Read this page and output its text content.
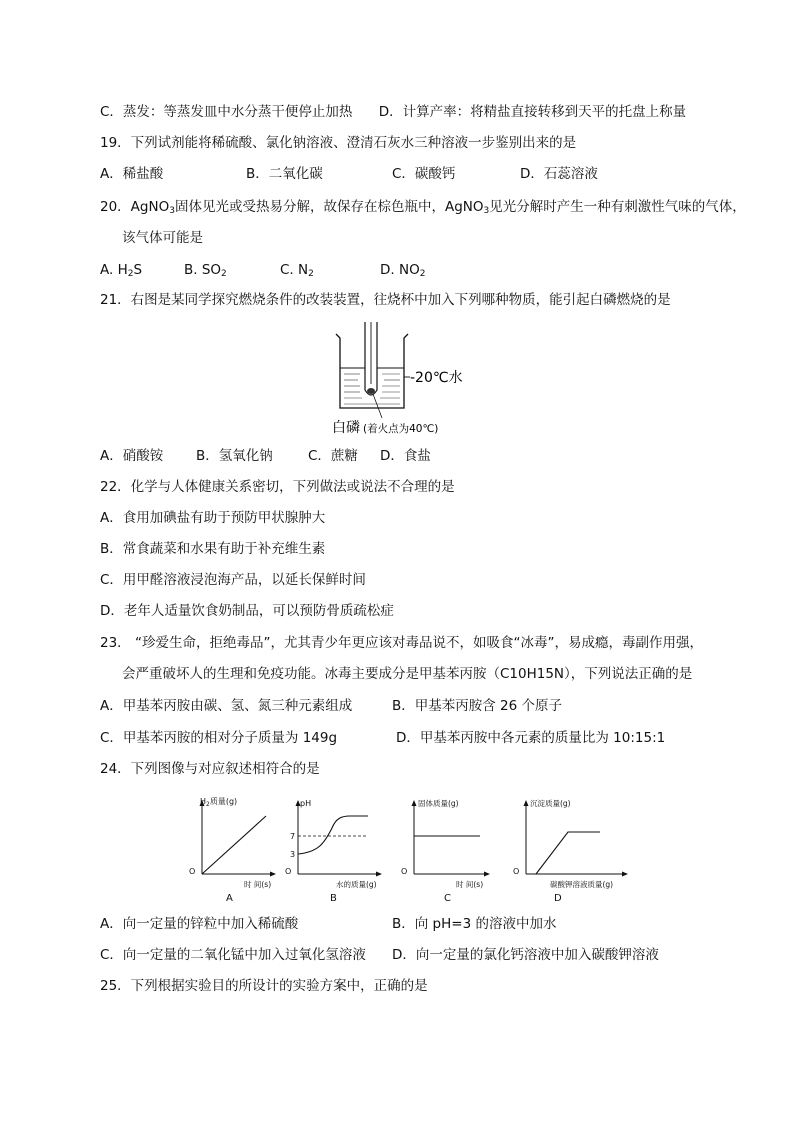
C．蒸发：等蒸发皿中水分蒸干便停止加热 D．计算产率：将精盐直接转移到天平的托盘上称量
19．下列试剂能将稀硫酸、氯化钠溶液、澄清石灰水三种溶液一步鉴别出来的是
A．稀盐酸	B．二氧化碳	C．碳酸钙	D．石蕊溶液
20．AgNO$_3$固体见光或受热易分解，故保存在棕色瓶中，AgNO$_3$见光分解时产生一种有刺激性气味的气体，
该气体可能是
A. $H_2S$	B. $SO_2$	C. $N_2$	D. $NO_2$
21．右图是某同学探究燃烧条件的改装装置，往烧杯中加入下列哪种物质，能引起白磷燃烧的是
-20℃水
白磷 (着火点为40℃)
A．硝酸铵 B．氢氧化钠	C．蔗糖 D．食盐
22．化学与人体健康关系密切，下列做法或说法不合理的是
A．食用加碘盐有助于预防甲状腺肿大
B．常食蔬菜和水果有助于补充维生素
C．用甲醛溶液浸泡海产品，以延长保鲜时间
D．老年人适量饮食奶制品，可以预防骨质疏松症
23． “珍爱生命，拒绝毒品”，尤其青少年更应该对毒品说不，如吸食“冰毒”，易成瘾，毒副作用强，
会严重破坏人的生理和免疫功能。冰毒主要成分是甲基苯丙胺（C10H15N），下列说法正确的是
A．甲基苯丙胺由碳、氢、氮三种元素组成	B．甲基苯丙胺含 26 个原子
C．甲基苯丙胺的相对分子质量为 149g	D．甲基苯丙胺中各元素的质量比为 10:15:1
24．下列图像与对应叙述相符合的是
$H_2$质量(g)
O
时 间(s)
A
pH
7
3
O
水的质量(g)
B
固体质量(g)
O
时 间(s)
C
沉淀质量(g)
O
碳酸钾溶液质量(g)
D
A．向一定量的锌粒中加入稀硫酸	B．向 pH=3 的溶液中加水
C．向一定量的二氧化锰中加入过氧化氢溶液 D．向一定量的氯化钙溶液中加入碳酸钾溶液
25．下列根据实验目的所设计的实验方案中，正确的是
